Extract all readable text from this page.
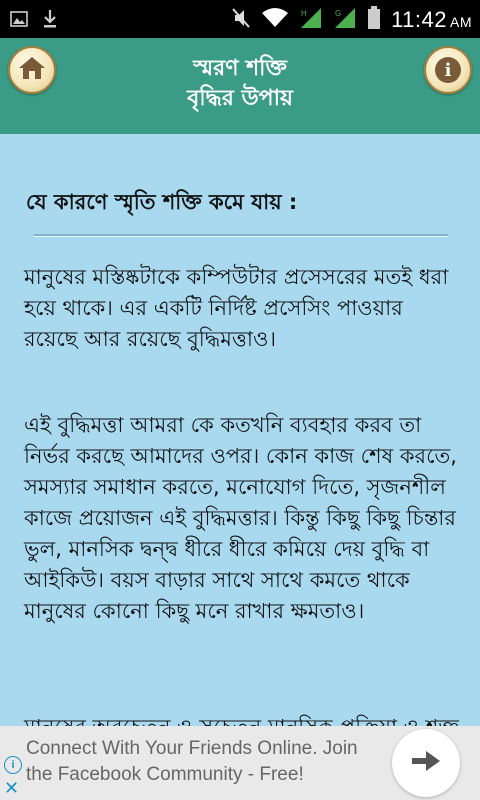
H	G 11:42 AM
স্মরণ শক্তি
বৃদ্ধির উপায়
i
যে কারণে স্মৃতি শক্তি কমে যায় :
মানুষের মস্তিষ্কটাকে কম্পিউটার প্রসেসরের মতই ধরা হয়ে থাকে। এর একটি নির্দিষ্ট প্রসেসিং পাওয়ার রয়েছে আর রয়েছে বুদ্ধিমত্তাও।
এই বুদ্ধিমত্তা আমরা কে কতখনি ব্যবহার করব তা নির্ভর করছে আমাদের ওপর। কোন কাজ শেষ করতে, সমস্যার সমাধান করতে, মনোযোগ দিতে, সৃজনশীল কাজে প্রয়োজন এই বুদ্ধিমত্তার। কিন্তু কিছু কিছু চিন্তার ভুল, মানসিক দ্বন্দ্ব ধীরে ধীরে কমিয়ে দেয় বুদ্ধি বা আইকিউ। বয়স বাড়ার সাথে সাথে কমতে থাকে মানুষের কোনো কিছু মনে রাখার ক্ষমতাও।
i
✕
Connect With Your Friends Online. Join the Facebook Community - Free!
